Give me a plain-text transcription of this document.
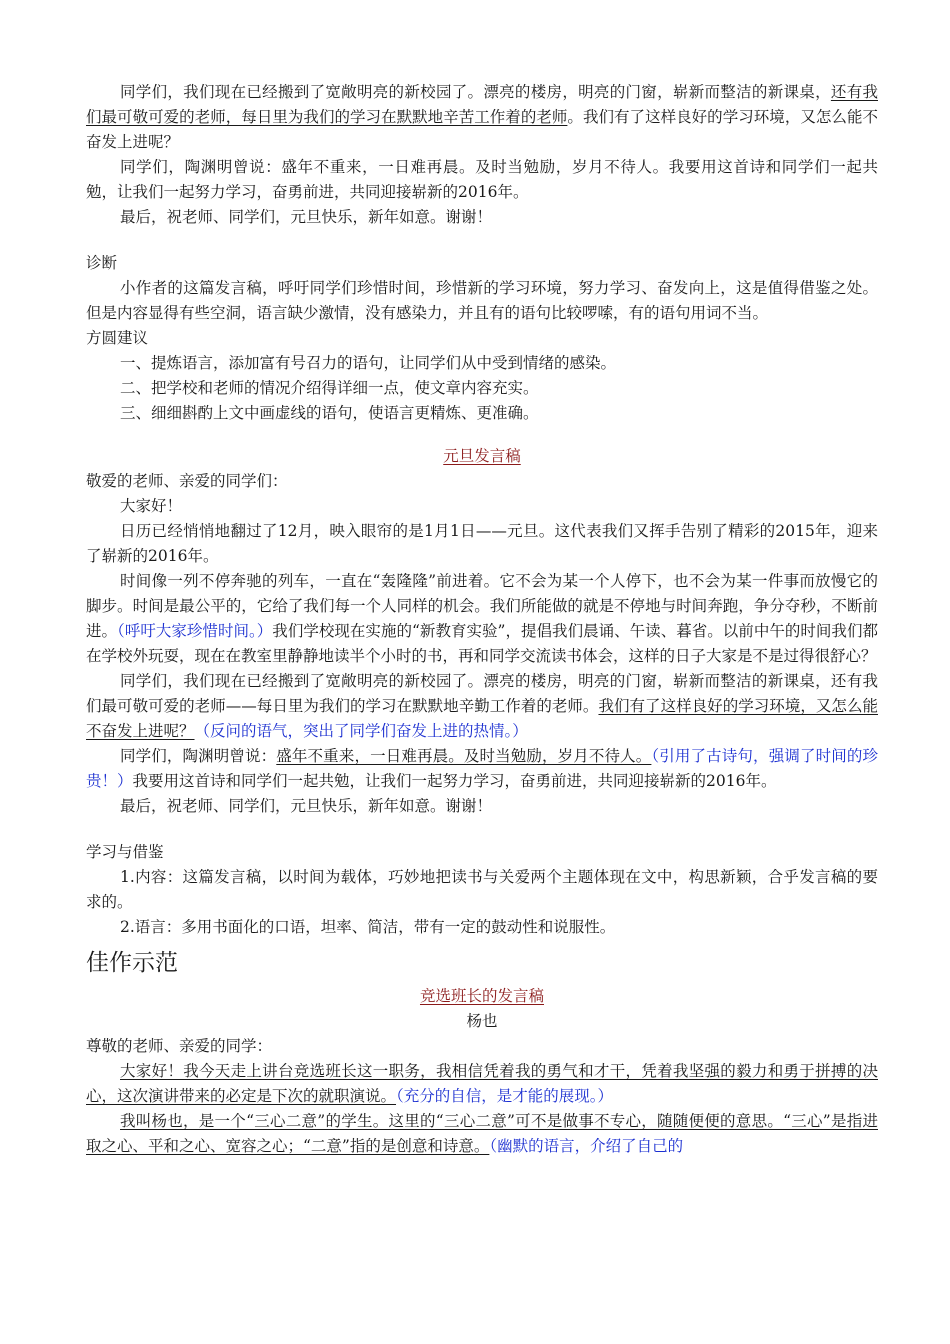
同学们，我们现在已经搬到了宽敞明亮的新校园了。漂亮的楼房，明亮的门窗，崭新而整洁的新课桌，还有我们最可敬可爱的老师，每日里为我们的学习在默默地辛苦工作着的老师。我们有了这样良好的学习环境，又怎么能不奋发上进呢？

同学们，陶渊明曾说：盛年不重来，一日难再晨。及时当勉励，岁月不待人。我要用这首诗和同学们一起共勉，让我们一起努力学习，奋勇前进，共同迎接崭新的2016年。

最后，祝老师、同学们，元旦快乐，新年如意。谢谢！

诊断

小作者的这篇发言稿，呼吁同学们珍惜时间，珍惜新的学习环境，努力学习、奋发向上，这是值得借鉴之处。但是内容显得有些空洞，语言缺少激情，没有感染力，并且有的语句比较啰嗦，有的语句用词不当。

方圆建议

一、提炼语言，添加富有号召力的语句，让同学们从中受到情绪的感染。

二、把学校和老师的情况介绍得详细一点，使文章内容充实。

三、细细斟酌上文中画虚线的语句，使语言更精炼、更准确。

元旦发言稿

敬爱的老师、亲爱的同学们：

大家好！

日历已经悄悄地翻过了12月，映入眼帘的是1月1日——元旦。这代表我们又挥手告别了精彩的2015年，迎来了崭新的2016年。

时间像一列不停奔驰的列车，一直在“轰隆隆”前进着。它不会为某一个人停下，也不会为某一件事而放慢它的脚步。时间是最公平的，它给了我们每一个人同样的机会。我们所能做的就是不停地与时间奔跑，争分夺秒，不断前进。（呼吁大家珍惜时间。）我们学校现在实施的“新教育实验”，提倡我们晨诵、午读、暮省。以前中午的时间我们都在学校外玩耍，现在在教室里静静地读半个小时的书，再和同学交流读书体会，这样的日子大家是不是过得很舒心？

同学们，我们现在已经搬到了宽敞明亮的新校园了。漂亮的楼房，明亮的门窗，崭新而整洁的新课桌，还有我们最可敬可爱的老师——每日里为我们的学习在默默地辛勤工作着的老师。我们有了这样良好的学习环境，又怎么能不奋发上进呢？（反问的语气，突出了同学们奋发上进的热情。）

同学们，陶渊明曾说：盛年不重来，一日难再晨。及时当勉励，岁月不待人。（引用了古诗句，强调了时间的珍贵！）我要用这首诗和同学们一起共勉，让我们一起努力学习，奋勇前进，共同迎接崭新的2016年。

最后，祝老师、同学们，元旦快乐，新年如意。谢谢！

学习与借鉴

1.内容：这篇发言稿，以时间为载体，巧妙地把读书与关爱两个主题体现在文中，构思新颖，合乎发言稿的要求的。

2.语言：多用书面化的口语，坦率、简洁，带有一定的鼓动性和说服性。

佳作示范

竞选班长的发言稿

杨也

尊敬的老师、亲爱的同学：

大家好！我今天走上讲台竞选班长这一职务，我相信凭着我的勇气和才干，凭着我坚强的毅力和勇于拼搏的决心，这次演讲带来的必定是下次的就职演说。（充分的自信，是才能的展现。）

我叫杨也，是一个“三心二意”的学生。这里的“三心二意”可不是做事不专心，随随便便的意思。“三心”是指进取之心、平和之心、宽容之心；“二意”指的是创意和诗意。（幽默的语言，介绍了自己的
